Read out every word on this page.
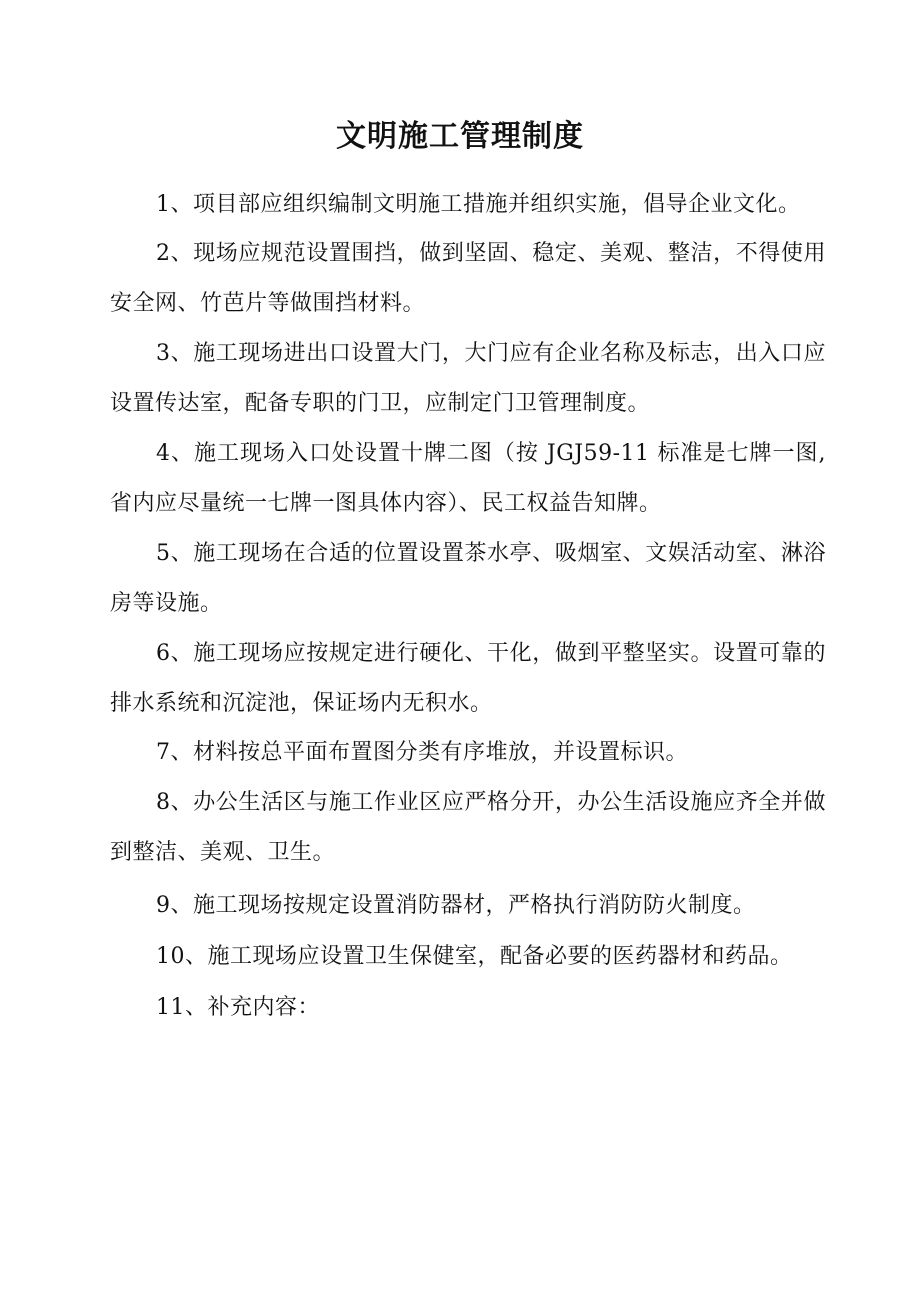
文明施工管理制度

1、项目部应组织编制文明施工措施并组织实施，倡导企业文化。

2、现场应规范设置围挡，做到坚固、稳定、美观、整洁，不得使用安全网、竹芭片等做围挡材料。

3、施工现场进出口设置大门，大门应有企业名称及标志，出入口应设置传达室，配备专职的门卫，应制定门卫管理制度。

4、施工现场入口处设置十牌二图（按 JGJ59-11 标准是七牌一图,省内应尽量统一七牌一图具体内容）、民工权益告知牌。

5、施工现场在合适的位置设置茶水亭、吸烟室、文娱活动室、淋浴房等设施。

6、施工现场应按规定进行硬化、干化，做到平整坚实。设置可靠的排水系统和沉淀池，保证场内无积水。

7、材料按总平面布置图分类有序堆放，并设置标识。

8、办公生活区与施工作业区应严格分开，办公生活设施应齐全并做到整洁、美观、卫生。

9、施工现场按规定设置消防器材，严格执行消防防火制度。

10、施工现场应设置卫生保健室，配备必要的医药器材和药品。

11、补充内容：
